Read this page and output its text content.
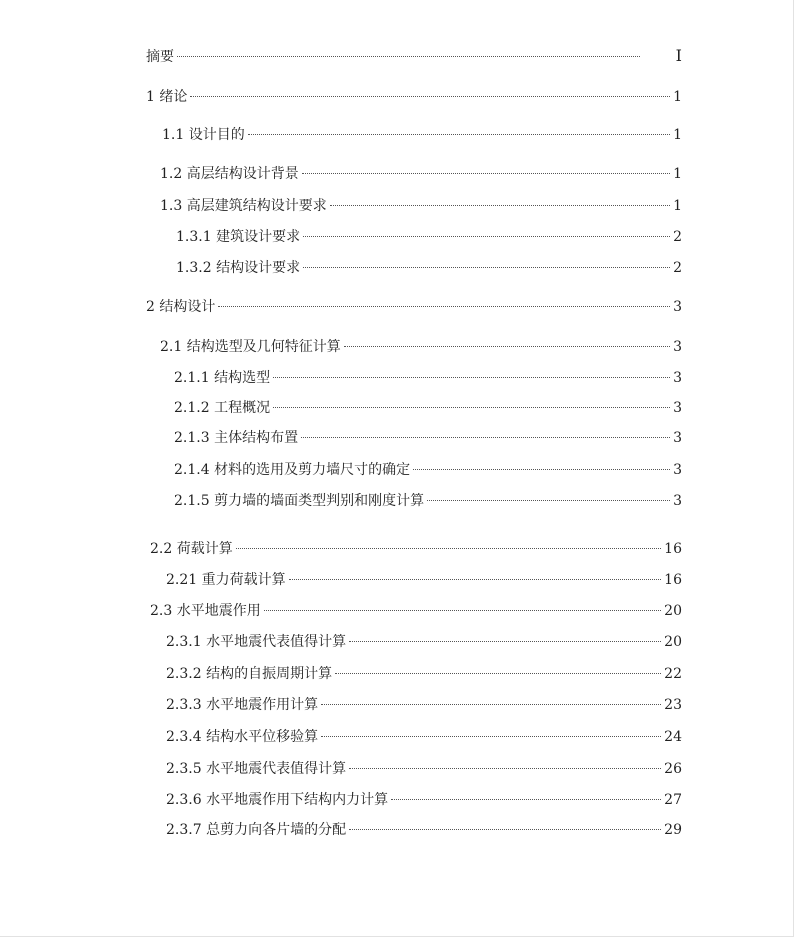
摘要	Ⅰ
1 绪论	1
1.1 设计目的	1
1.2 高层结构设计背景	1
1.3 高层建筑结构设计要求	1
1.3.1 建筑设计要求	2
1.3.2 结构设计要求	2
2 结构设计	3
2.1 结构选型及几何特征计算	3
2.1.1 结构选型	3
2.1.2 工程概况	3
2.1.3 主体结构布置	3
2.1.4 材料的选用及剪力墙尺寸的确定	3
2.1.5 剪力墙的墙面类型判别和刚度计算	3
2.2 荷载计算	16
2.21 重力荷载计算	16
2.3 水平地震作用	20
2.3.1 水平地震代表值得计算	20
2.3.2 结构的自振周期计算	22
2.3.3 水平地震作用计算	23
2.3.4 结构水平位移验算	24
2.3.5 水平地震代表值得计算	26
2.3.6 水平地震作用下结构内力计算	27
2.3.7 总剪力向各片墙的分配	29
